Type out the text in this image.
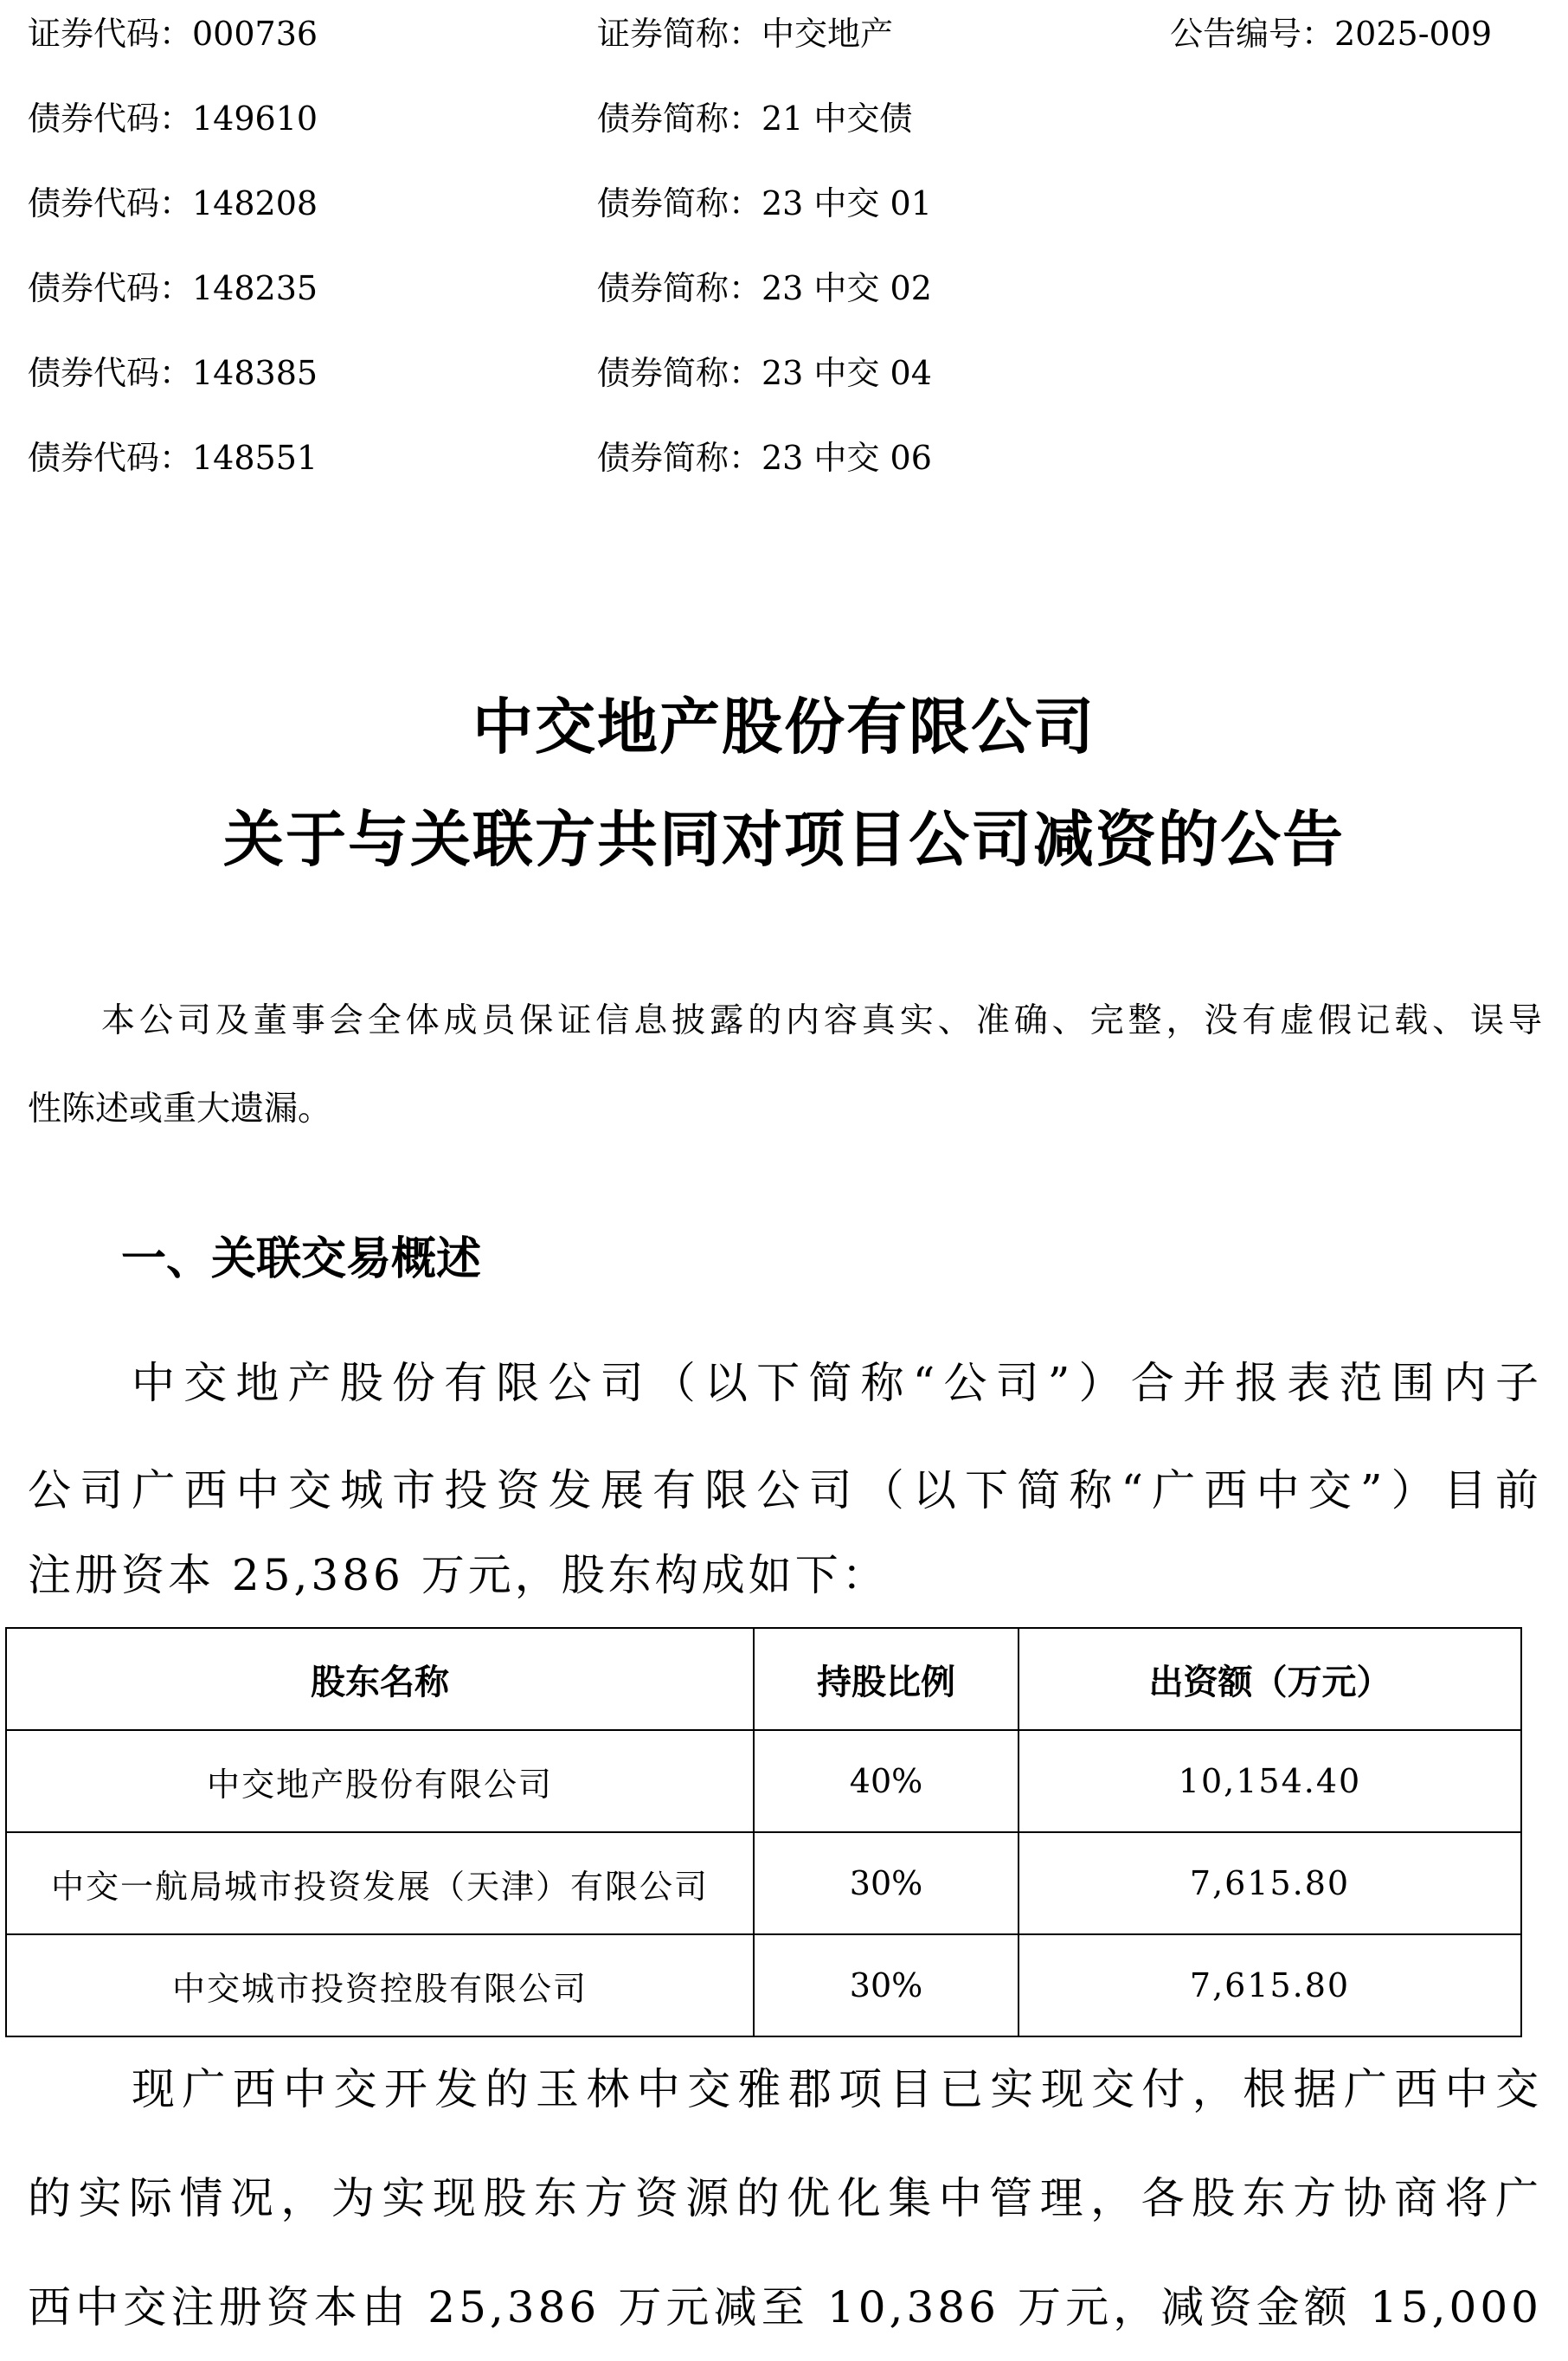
证券代码：000736	证券简称：中交地产	公告编号：2025-009
债券代码：149610	债券简称：21 中交债
债券代码：148208	债券简称：23 中交 01
债券代码：148235	债券简称：23 中交 02
债券代码：148385	债券简称：23 中交 04
债券代码：148551	债券简称：23 中交 06
中交地产股份有限公司
关于与关联方共同对项目公司减资的公告
本公司及董事会全体成员保证信息披露的内容真实、准确、完整，没有虚假记载、误导
性陈述或重大遗漏。
一、关联交易概述
中交地产股份有限公司（以下简称“公司”）合并报表范围内子
公司广西中交城市投资发展有限公司（以下简称“广西中交”）目前
注册资本 25,386 万元，股东构成如下：
股东名称	持股比例	出资额（万元）
中交地产股份有限公司	40%	10,154.40
中交一航局城市投资发展（天津）有限公司	30%	7,615.80
中交城市投资控股有限公司	30%	7,615.80
现广西中交开发的玉林中交雅郡项目已实现交付，根据广西中交
的实际情况，为实现股东方资源的优化集中管理，各股东方协商将广
西中交注册资本由 25,386 万元减至 10,386 万元，减资金额 15,000
